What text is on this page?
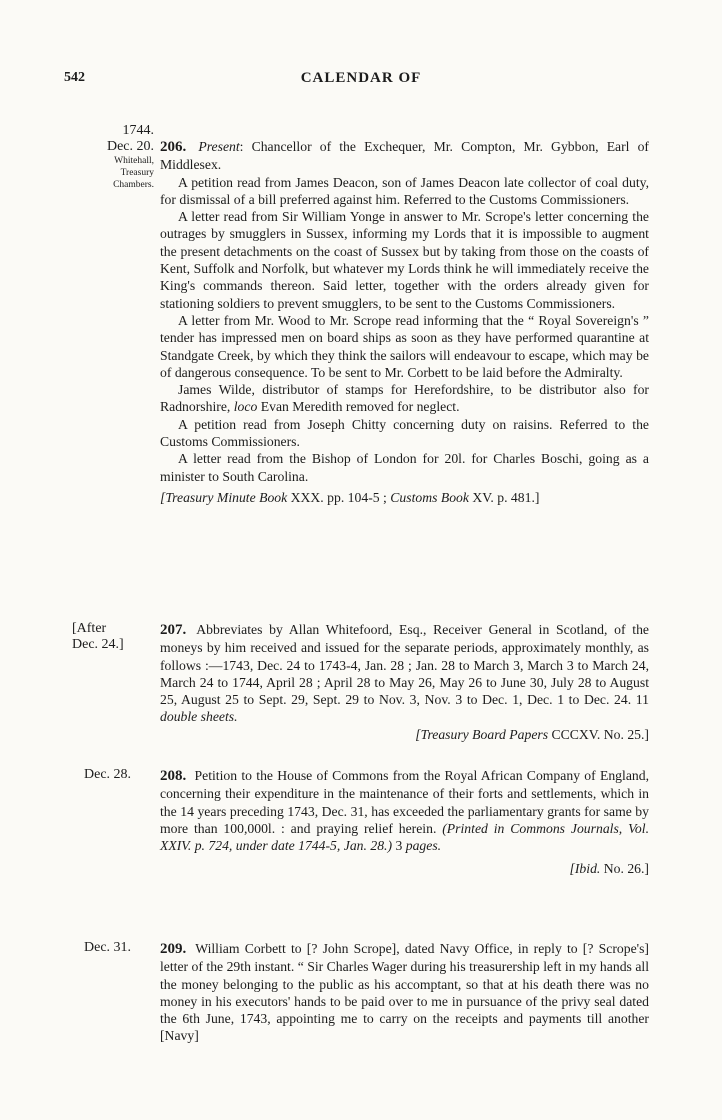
542	CALENDAR OF
1744.
Dec. 20.
Whitehall,
Treasury
Chambers.

206. Present: Chancellor of the Exchequer, Mr. Compton, Mr. Gybbon, Earl of Middlesex.

A petition read from James Deacon, son of James Deacon late collector of coal duty, for dismissal of a bill preferred against him. Referred to the Customs Commissioners.

A letter read from Sir William Yonge in answer to Mr. Scrope's letter concerning the outrages by smugglers in Sussex, informing my Lords that it is impossible to augment the present detachments on the coast of Sussex but by taking from those on the coasts of Kent, Suffolk and Norfolk, but whatever my Lords think he will immediately receive the King's commands thereon. Said letter, together with the orders already given for stationing soldiers to prevent smugglers, to be sent to the Customs Commissioners.

A letter from Mr. Wood to Mr. Scrope read informing that the “ Royal Sovereign's ” tender has impressed men on board ships as soon as they have performed quarantine at Standgate Creek, by which they think the sailors will endeavour to escape, which may be of dangerous consequence. To be sent to Mr. Corbett to be laid before the Admiralty.

James Wilde, distributor of stamps for Herefordshire, to be distributor also for Radnorshire, loco Evan Meredith removed for neglect.

A petition read from Joseph Chitty concerning duty on raisins. Referred to the Customs Commissioners.

A letter read from the Bishop of London for 20l. for Charles Boschi, going as a minister to South Carolina.

[Treasury Minute Book XXX. pp. 104-5 ; Customs Book XV. p. 481.]

[After
Dec. 24.]

207. Abbreviates by Allan Whitefoord, Esq., Receiver General in Scotland, of the moneys by him received and issued for the separate periods, approximately monthly, as follows :—1743, Dec. 24 to 1743-4, Jan. 28 ; Jan. 28 to March 3, March 3 to March 24, March 24 to 1744, April 28 ; April 28 to May 26, May 26 to June 30, July 28 to August 25, August 25 to Sept. 29, Sept. 29 to Nov. 3, Nov. 3 to Dec. 1, Dec. 1 to Dec. 24. 11 double sheets.

[Treasury Board Papers CCCXV. No. 25.]

Dec. 28.	208. Petition to the House of Commons from the Royal African Company of England, concerning their expenditure in the maintenance of their forts and settlements, which in the 14 years preceding 1743, Dec. 31, has exceeded the parliamentary grants for same by more than 100,000l. : and praying relief herein. (Printed in Commons Journals, Vol. XXIV. p. 724, under date 1744-5, Jan. 28.) 3 pages.

[Ibid. No. 26.]

Dec. 31.	209. William Corbett to [? John Scrope], dated Navy Office, in reply to [? Scrope's] letter of the 29th instant. “ Sir Charles Wager during his treasurership left in my hands all the money belonging to the public as his accomptant, so that at his death there was no money in his executors' hands to be paid over to me in pursuance of the privy seal dated the 6th June, 1743, appointing me to carry on the receipts and payments till another [Navy]
